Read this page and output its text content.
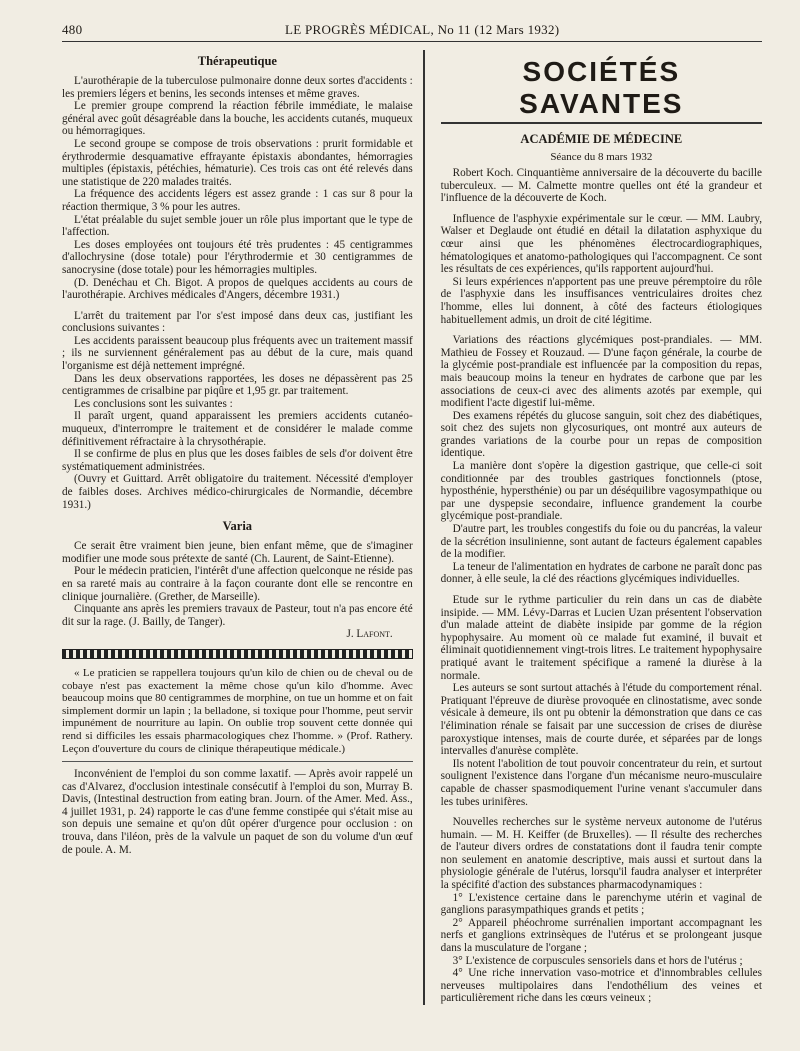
480	LE PROGRÈS MÉDICAL, No 11 (12 Mars 1932)
Thérapeutique

L'aurothérapie de la tuberculose pulmonaire donne deux sortes d'accidents : les premiers légers et benins, les seconds intenses et même graves.

Le premier groupe comprend la réaction fébrile immédiate, le malaise général avec goût désagréable dans la bouche, les accidents cutanés, muqueux ou hémorragiques.

Le second groupe se compose de trois observations : prurit formidable et érythrodermie desquamative effrayante épistaxis abondantes, hémorragies multiples (épistaxis, pétéchies, hématurie). Ces trois cas ont été relevés dans une statistique de 220 malades traités.

La fréquence des accidents légers est assez grande : 1 cas sur 8 pour la réaction thermique, 3 % pour les autres.

L'état préalable du sujet semble jouer un rôle plus important que le type de l'affection.

Les doses employées ont toujours été très prudentes : 45 centigrammes d'allochrysine (dose totale) pour l'érythrodermie et 30 centigrammes de sanocrysine (dose totale) pour les hémorragies multiples.

(D. Denéchau et Ch. Bigot. A propos de quelques accidents au cours de l'aurothérapie. Archives médicales d'Angers, décembre 1931.)

L'arrêt du traitement par l'or s'est imposé dans deux cas, justifiant les conclusions suivantes :

Les accidents paraissent beaucoup plus fréquents avec un traitement massif ; ils ne surviennent généralement pas au début de la cure, mais quand l'organisme est déjà nettement imprégné.

Dans les deux observations rapportées, les doses ne dépassèrent pas 25 centigrammes de crisalbine par piqûre et 1,95 gr. par traitement.

Les conclusions sont les suivantes :

Il paraît urgent, quand apparaissent les premiers accidents cutanéo-muqueux, d'interrompre le traitement et de considérer le malade comme définitivement réfractaire à la chrysothérapie.

Il se confirme de plus en plus que les doses faibles de sels d'or doivent être systématiquement administrées.

(Ouvry et Guittard. Arrêt obligatoire du traitement. Nécessité d'employer de faibles doses. Archives médico-chirurgicales de Normandie, décembre 1931.)

Varia

Ce serait être vraiment bien jeune, bien enfant même, que de s'imaginer modifier une mode sous prétexte de santé (Ch. Laurent, de Saint-Etienne).

Pour le médecin praticien, l'intérêt d'une affection quelconque ne réside pas en sa rareté mais au contraire à la façon courante dont elle se rencontre en clinique journalière. (Grether, de Marseille).

Cinquante ans après les premiers travaux de Pasteur, tout n'a pas encore été dit sur la rage. (J. Bailly, de Tanger).

J. Lafont.

« Le praticien se rappellera toujours qu'un kilo de chien ou de cheval ou de cobaye n'est pas exactement la même chose qu'un kilo d'homme. Avec beaucoup moins que 80 centigrammes de morphine, on tue un homme et on fait simplement dormir un lapin ; la belladone, si toxique pour l'homme, peut servir impunément de nourriture au lapin. On oublie trop souvent cette donnée qui rend si difficiles les essais pharmacologiques chez l'homme. » (Prof. Rathery. Leçon d'ouverture du cours de clinique thérapeutique médicale.)

Inconvénient de l'emploi du son comme laxatif. — Après avoir rappelé un cas d'Alvarez, d'occlusion intestinale consécutif à l'emploi du son, Murray B. Davis, (Intestinal destruction from eating bran. Journ. of the Amer. Med. Ass., 4 juillet 1931, p. 24) rapporte le cas d'une femme constipée qui s'était mise au son depuis une semaine et qu'on dût opérer d'urgence pour occlusion : on trouva, dans l'iléon, près de la valvule un paquet de son du volume d'un œuf de poule. A. M.

SOCIÉTÉS SAVANTES
ACADÉMIE DE MÉDECINE
Séance du 8 mars 1932

Robert Koch. Cinquantième anniversaire de la découverte du bacille tuberculeux. — M. Calmette montre quelles ont été la grandeur et l'influence de la découverte de Koch.

Influence de l'asphyxie expérimentale sur le cœur. — MM. Laubry, Walser et Deglaude ont étudié en détail la dilatation asphyxique du cœur ainsi que les phénomènes électrocardiographiques, hématologiques et anatomo-pathologiques qui l'accompagnent. Ce sont les résultats de ces expériences, qu'ils rapportent aujourd'hui.

Si leurs expériences n'apportent pas une preuve péremptoire du rôle de l'asphyxie dans les insuffisances ventriculaires droites chez l'homme, elles lui donnent, à côté des facteurs étiologiques habituellement admis, un droit de cité légitime.

Variations des réactions glycémiques post-prandiales. — MM. Mathieu de Fossey et Rouzaud. — D'une façon générale, la courbe de la glycémie post-prandiale est influencée par la composition du repas, mais beaucoup moins la teneur en hydrates de carbone que par les associations de ceux-ci avec des aliments azotés par exemple, qui modifient l'acte digestif lui-même.

Des examens répétés du glucose sanguin, soit chez des diabétiques, soit chez des sujets non glycosuriques, ont montré aux auteurs de grandes variations de la courbe pour un repas de composition identique.

La manière dont s'opère la digestion gastrique, que celle-ci soit conditionnée par des troubles gastriques fonctionnels (ptose, hyposthénie, hypersthénie) ou par un déséquilibre vagosympathique ou par une dyspepsie secondaire, influence grandement la courbe glycémique post-prandiale.

D'autre part, les troubles congestifs du foie ou du pancréas, la valeur de la sécrétion insulinienne, sont autant de facteurs également capables de la modifier.

La teneur de l'alimentation en hydrates de carbone ne paraît donc pas donner, à elle seule, la clé des réactions glycémiques individuelles.

Etude sur le rythme particulier du rein dans un cas de diabète insipide. — MM. Lévy-Darras et Lucien Uzan présentent l'observation d'un malade atteint de diabète insipide par gomme de la région hypophysaire. Au moment où ce malade fut examiné, il buvait et éliminait quotidiennement vingt-trois litres. Le traitement hypophysaire pratiqué avant le traitement spécifique a ramené la diurèse à la normale.

Les auteurs se sont surtout attachés à l'étude du comportement rénal. Pratiquant l'épreuve de diurèse provoquée en clinostatisme, avec sonde vésicale à demeure, ils ont pu obtenir la démonstration que dans ce cas l'élimination rénale se faisait par une succession de crises de diurèse paroxystique intenses, mais de courte durée, et séparées par de longs intervalles d'anurèse complète.

Ils notent l'abolition de tout pouvoir concentrateur du rein, et surtout soulignent l'existence dans l'organe d'un mécanisme neuro-musculaire capable de chasser spasmodiquement l'urine venant s'accumuler dans les tubes urinifères.

Nouvelles recherches sur le système nerveux autonome de l'utérus humain. — M. H. Keiffer (de Bruxelles). — Il résulte des recherches de l'auteur divers ordres de constatations dont il faudra tenir compte non seulement en anatomie descriptive, mais aussi et surtout dans la physiologie générale de l'utérus, lorsqu'il faudra analyser et interpréter la spécifité d'action des substances pharmacodynamiques :

1° L'existence certaine dans le parenchyme utérin et vaginal de ganglions parasympathiques grands et petits ;

2° Appareil phéochrome surrénalien important accompagnant les nerfs et ganglions extrinsèques de l'utérus et se prolongeant jusque dans la musculature de l'organe ;

3° L'existence de corpuscules sensoriels dans et hors de l'utérus ;

4° Une riche innervation vaso-motrice et d'innombrables cellules nerveuses multipolaires dans l'endothélium des veines et particulièrement riche dans les cœurs veineux ;
